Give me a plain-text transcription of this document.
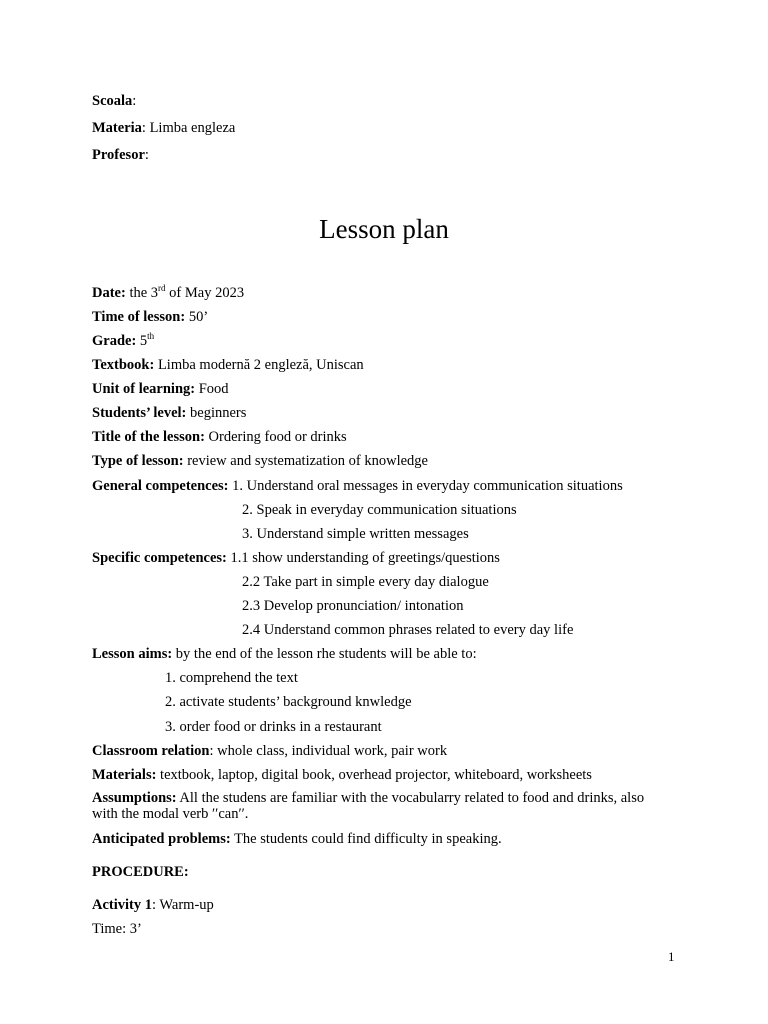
Scoala:
Materia: Limba engleza
Profesor:
Lesson plan
Date: the 3rd of May 2023
Time of lesson: 50’
Grade: 5th
Textbook: Limba modernă 2 engleză, Uniscan
Unit of learning: Food
Students’ level: beginners
Title of the lesson: Ordering food or drinks
Type of lesson: review and systematization of knowledge
General competences: 1. Understand oral messages in everyday communication situations
2. Speak in everyday communication situations
3. Understand simple written messages
Specific competences: 1.1 show understanding of greetings/questions
2.2 Take part in simple every day dialogue
2.3 Develop pronunciation/ intonation
2.4 Understand common phrases related to every day life
Lesson aims: by the end of the lesson rhe students will be able to:
1. comprehend the text
2. activate students’ background knwledge
3. order food or drinks in a restaurant
Classroom relation: whole class, individual work, pair work
Materials: textbook, laptop, digital book, overhead projector, whiteboard, worksheets
Assumptions: All the studens are familiar with the vocabularry related to food and drinks, also with the modal verb ′′can′′.
Anticipated problems: The students could find difficulty in speaking.
PROCEDURE:
Activity 1: Warm-up
Time: 3’
1
